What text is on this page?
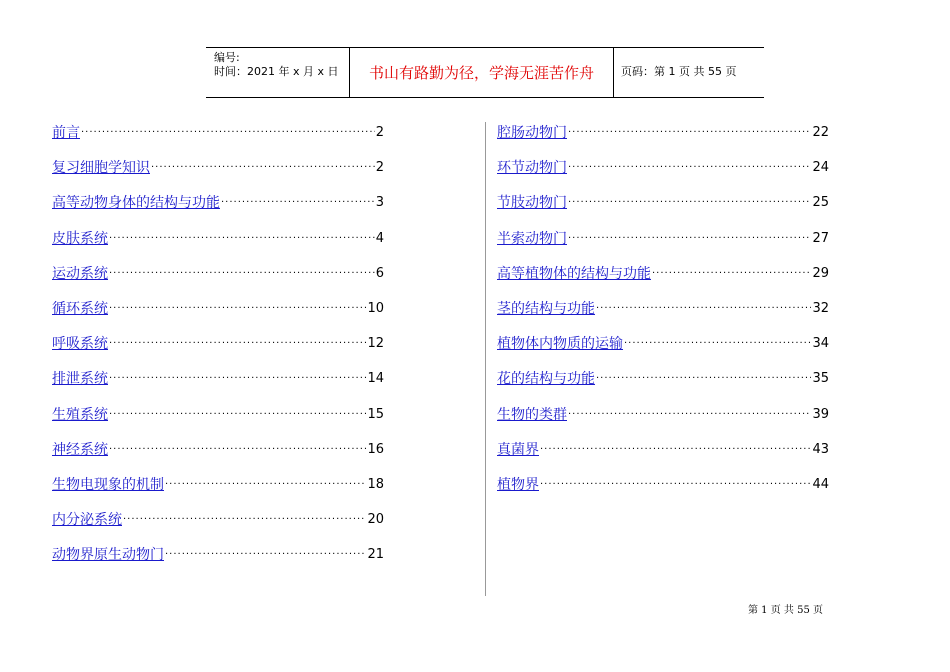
编号:
时间：2021 年 x 月 x 日	书山有路勤为径，学海无涯苦作舟	页码：第 1 页 共 55 页
前言 ·····	2
复习细胞学知识 ·····	2
高等动物身体的结构与功能 ·····	3
皮肤系统 ·····	4
运动系统 ·····	6
循环系统 ·····	10
呼吸系统 ·····	12
排泄系统 ·····	14
生殖系统 ·····	15
神经系统 ·····	16
生物电现象的机制 ·····	18
内分泌系统 ·····	20
动物界原生动物门 ·····	21
腔肠动物门 ·····	22
环节动物门 ·····	24
节肢动物门 ·····	25
半索动物门 ·····	27
高等植物体的结构与功能 ·····	29
茎的结构与功能 ·····	32
植物体内物质的运输 ·····	34
花的结构与功能 ·····	35
生物的类群 ·····	39
真菌界 ·····	43
植物界 ·····	44
第 1 页 共 55 页
